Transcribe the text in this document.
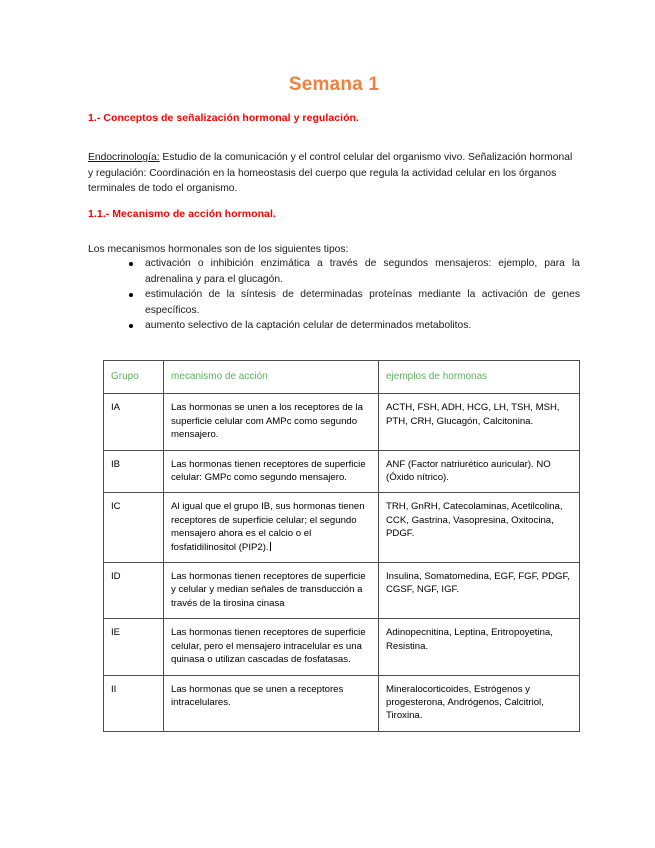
Semana 1
1.- Conceptos de señalización hormonal y regulación.
Endocrinología: Estudio de la comunicación y el control celular del organismo vivo. Señalización hormonal y regulación: Coordinación en la homeostasis del cuerpo que regula la actividad celular en los órganos terminales de todo el organismo.
1.1.- Mecanismo de acción hormonal.
Los mecanismos hormonales son de los siguientes tipos:
activación o inhibición enzimática a través de segundos mensajeros: ejemplo, para la adrenalina y para el glucagón.
estimulación de la síntesis de determinadas proteínas mediante la activación de genes específicos.
aumento selectivo de la captación celular de determinados metabolitos.
Grupo	mecanismo de acción	ejemplos de hormonas
IA	Las hormonas se unen a los receptores de la superficie celular com AMPc como segundo mensajero.	ACTH, FSH, ADH, HCG, LH, TSH, MSH, PTH, CRH, Glucagón, Calcitonina.
IB	Las hormonas tienen receptores de superficie celular: GMPc como segundo mensajero.	ANF (Factor natriurético auricular). NO (Óxido nítrico).
IC	Al igual que el grupo IB, sus hormonas tienen receptores de superficie celular; el segundo mensajero ahora es el calcio o el fosfatidilinositol (PIP2).	TRH, GnRH, Catecolaminas, Acetilcolina, CCK, Gastrina, Vasopresina, Oxitocina, PDGF.
ID	Las hormonas tienen receptores de superficie y celular y median señales de transducción a través de la tirosina cinasa	Insulina, Somatomedina, EGF, FGF, PDGF, CGSF, NGF, IGF.
IE	Las hormonas tienen receptores de superficie celular, pero el mensajero intracelular es una quinasa o utilizan cascadas de fosfatasas.	Adinopecnitina, Leptina, Eritropoyetina, Resistina.
II	Las hormonas que se unen a receptores intracelulares.	Mineralocorticoides, Estrógenos y progesterona, Andrógenos, Calcitriol, Tiroxina.
